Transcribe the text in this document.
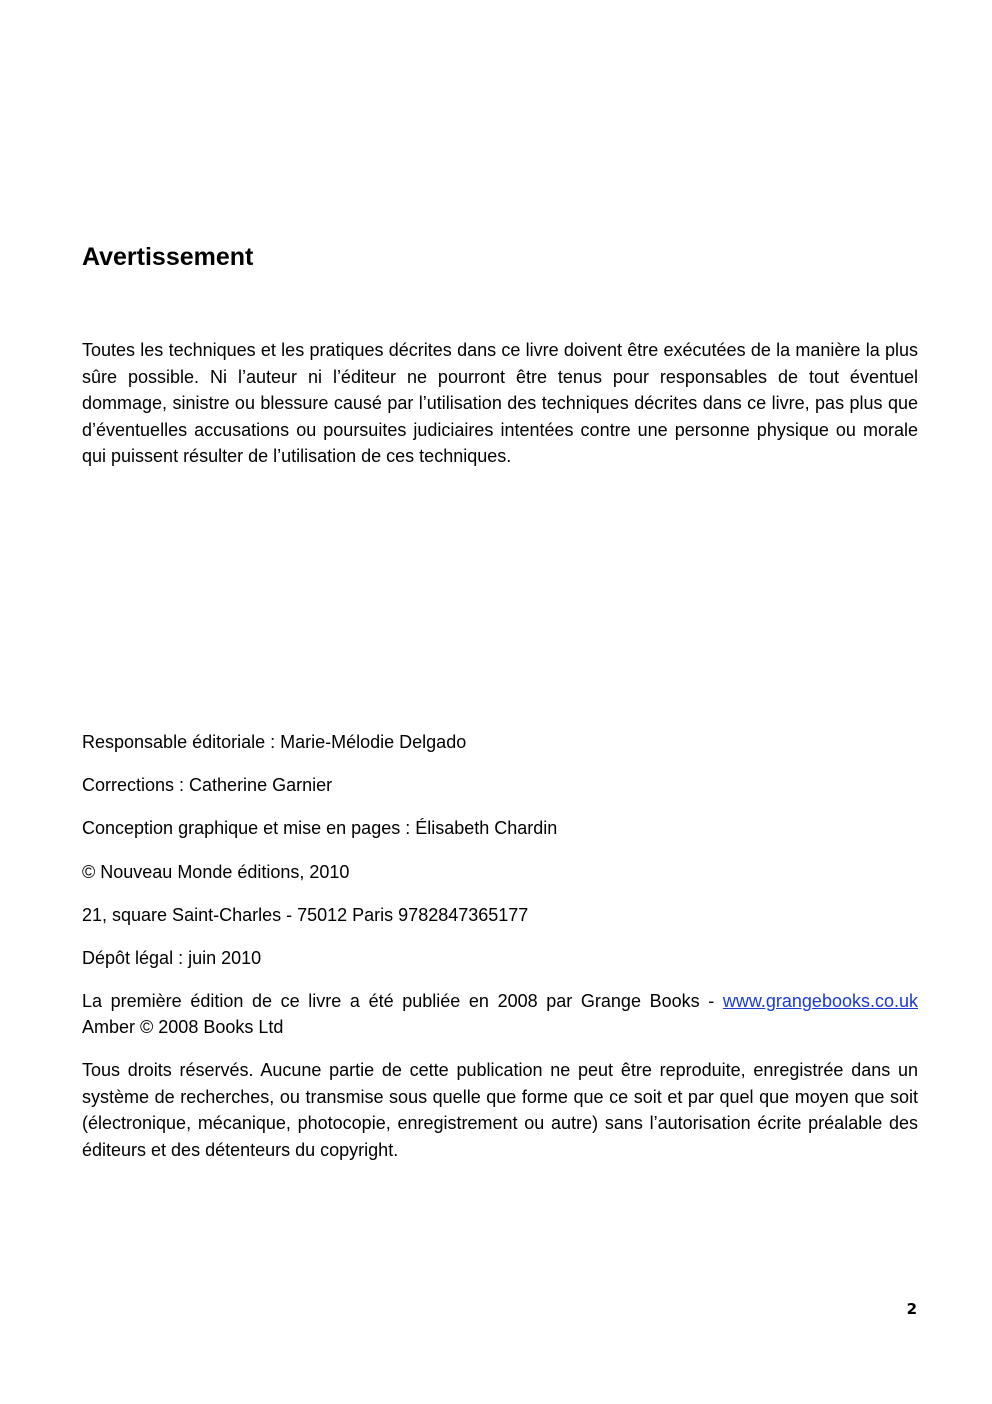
Avertissement

Toutes les techniques et les pratiques décrites dans ce livre doivent être exécutées de la manière la plus sûre possible. Ni l’auteur ni l’éditeur ne pourront être tenus pour responsables de tout éventuel dommage, sinistre ou blessure causé par l’utilisation des techniques décrites dans ce livre, pas plus que d’éventuelles accusations ou poursuites judiciaires intentées contre une personne physique ou morale qui puissent résulter de l’utilisation de ces techniques.

Responsable éditoriale : Marie-Mélodie Delgado

Corrections : Catherine Garnier

Conception graphique et mise en pages : Élisabeth Chardin

© Nouveau Monde éditions, 2010

21, square Saint-Charles - 75012 Paris 9782847365177

Dépôt légal : juin 2010

La première édition de ce livre a été publiée en 2008 par Grange Books - www.grangebooks.co.uk Amber © 2008 Books Ltd

Tous droits réservés. Aucune partie de cette publication ne peut être reproduite, enregistrée dans un système de recherches, ou transmise sous quelle que forme que ce soit et par quel que moyen que soit (électronique, mécanique, photocopie, enregistrement ou autre) sans l’autorisation écrite préalable des éditeurs et des détenteurs du copyright.

2
